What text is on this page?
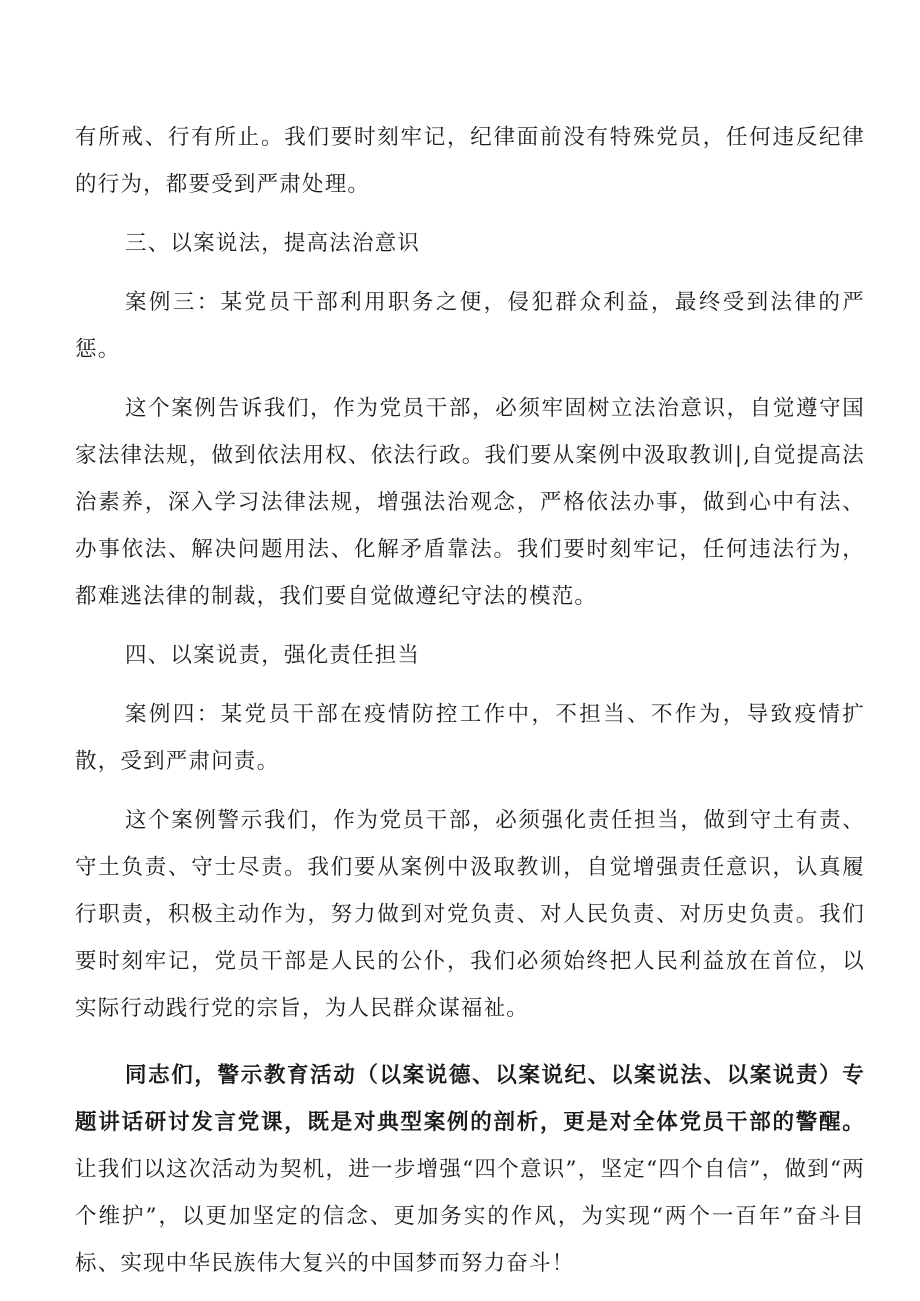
有所戒、行有所止。我们要时刻牢记，纪律面前没有特殊党员，任何违反纪律的行为，都要受到严肃处理。

三、以案说法，提高法治意识

案例三：某党员干部利用职务之便，侵犯群众利益，最终受到法律的严惩。

这个案例告诉我们，作为党员干部，必须牢固树立法治意识，自觉遵守国家法律法规，做到依法用权、依法行政。我们要从案例中汲取教训|,自觉提高法治素养，深入学习法律法规，增强法治观念，严格依法办事，做到心中有法、办事依法、解决问题用法、化解矛盾靠法。我们要时刻牢记，任何违法行为，都难逃法律的制裁，我们要自觉做遵纪守法的模范。

四、以案说责，强化责任担当

案例四：某党员干部在疫情防控工作中，不担当、不作为，导致疫情扩散，受到严肃问责。

这个案例警示我们，作为党员干部，必须强化责任担当，做到守土有责、守土负责、守士尽责。我们要从案例中汲取教训，自觉增强责任意识，认真履行职责，积极主动作为，努力做到对党负责、对人民负责、对历史负责。我们要时刻牢记，党员干部是人民的公仆，我们必须始终把人民利益放在首位，以实际行动践行党的宗旨，为人民群众谋福祉。

同志们，警示教育活动（以案说德、以案说纪、以案说法、以案说责）专题讲话研讨发言党课，既是对典型案例的剖析，更是对全体党员干部的警醒。让我们以这次活动为契机，进一步增强“四个意识”，坚定“四个自信”，做到“两个维护”，以更加坚定的信念、更加务实的作风，为实现“两个一百年”奋斗目标、实现中华民族伟大复兴的中国梦而努力奋斗！
